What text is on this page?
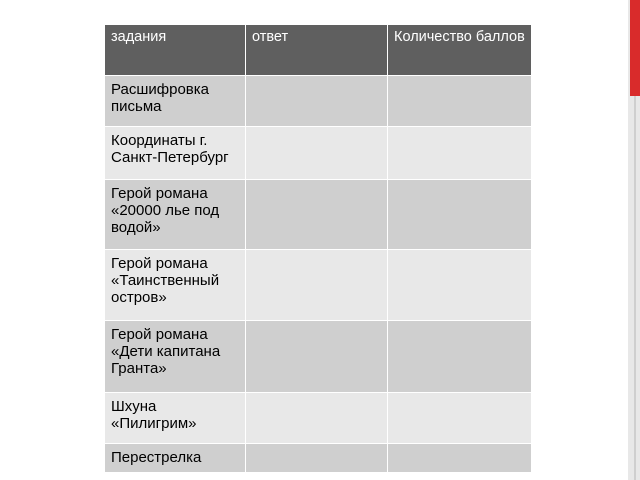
задания	ответ	Количество баллов
Расшифровка письма		
Координаты г. Санкт-Петербург		
Герой романа «20000 лье под водой»		
Герой романа «Таинственный остров»		
Герой романа «Дети капитана Гранта»		
Шхуна «Пилигрим»		
Перестрелка		
